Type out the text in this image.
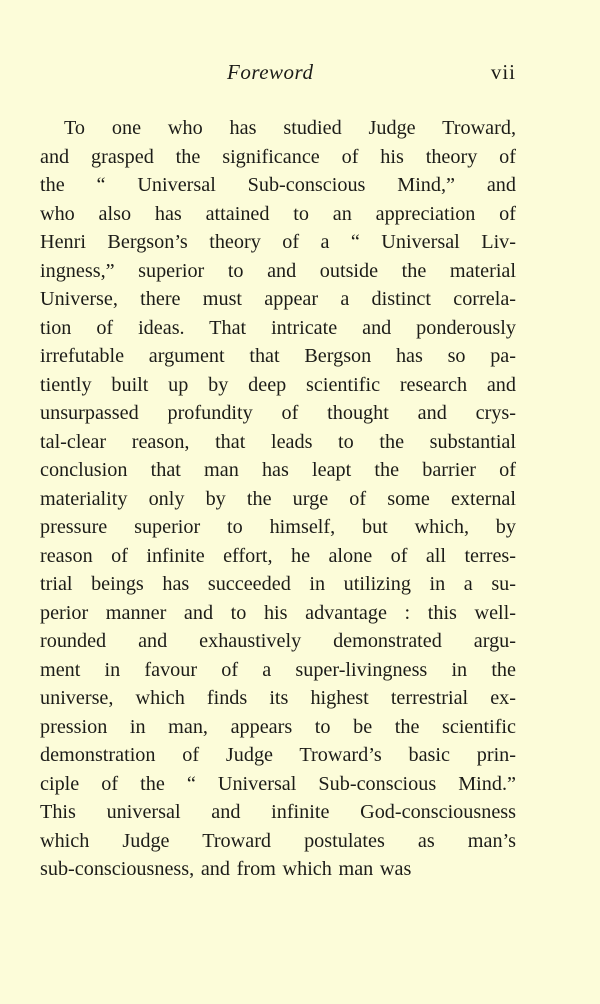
Foreword	vii
To one who has studied Judge Troward,
and grasped the significance of his theory of
the “ Universal Sub-conscious Mind,” and
who also has attained to an appreciation of
Henri Bergson’s theory of a “ Universal Liv-
ingness,” superior to and outside the material
Universe, there must appear a distinct correla-
tion of ideas. That intricate and ponderously
irrefutable argument that Bergson has so pa-
tiently built up by deep scientific research and
unsurpassed profundity of thought and crys-
tal-clear reason, that leads to the substantial
conclusion that man has leapt the barrier of
materiality only by the urge of some external
pressure superior to himself, but which, by
reason of infinite effort, he alone of all terres-
trial beings has succeeded in utilizing in a su-
perior manner and to his advantage : this well-
rounded and exhaustively demonstrated argu-
ment in favour of a super-livingness in the
universe, which finds its highest terrestrial ex-
pression in man, appears to be the scientific
demonstration of Judge Troward’s basic prin-
ciple of the “ Universal Sub-conscious Mind.”
This universal and infinite God-consciousness
which Judge Troward postulates as man’s
sub-consciousness, and from which man was
